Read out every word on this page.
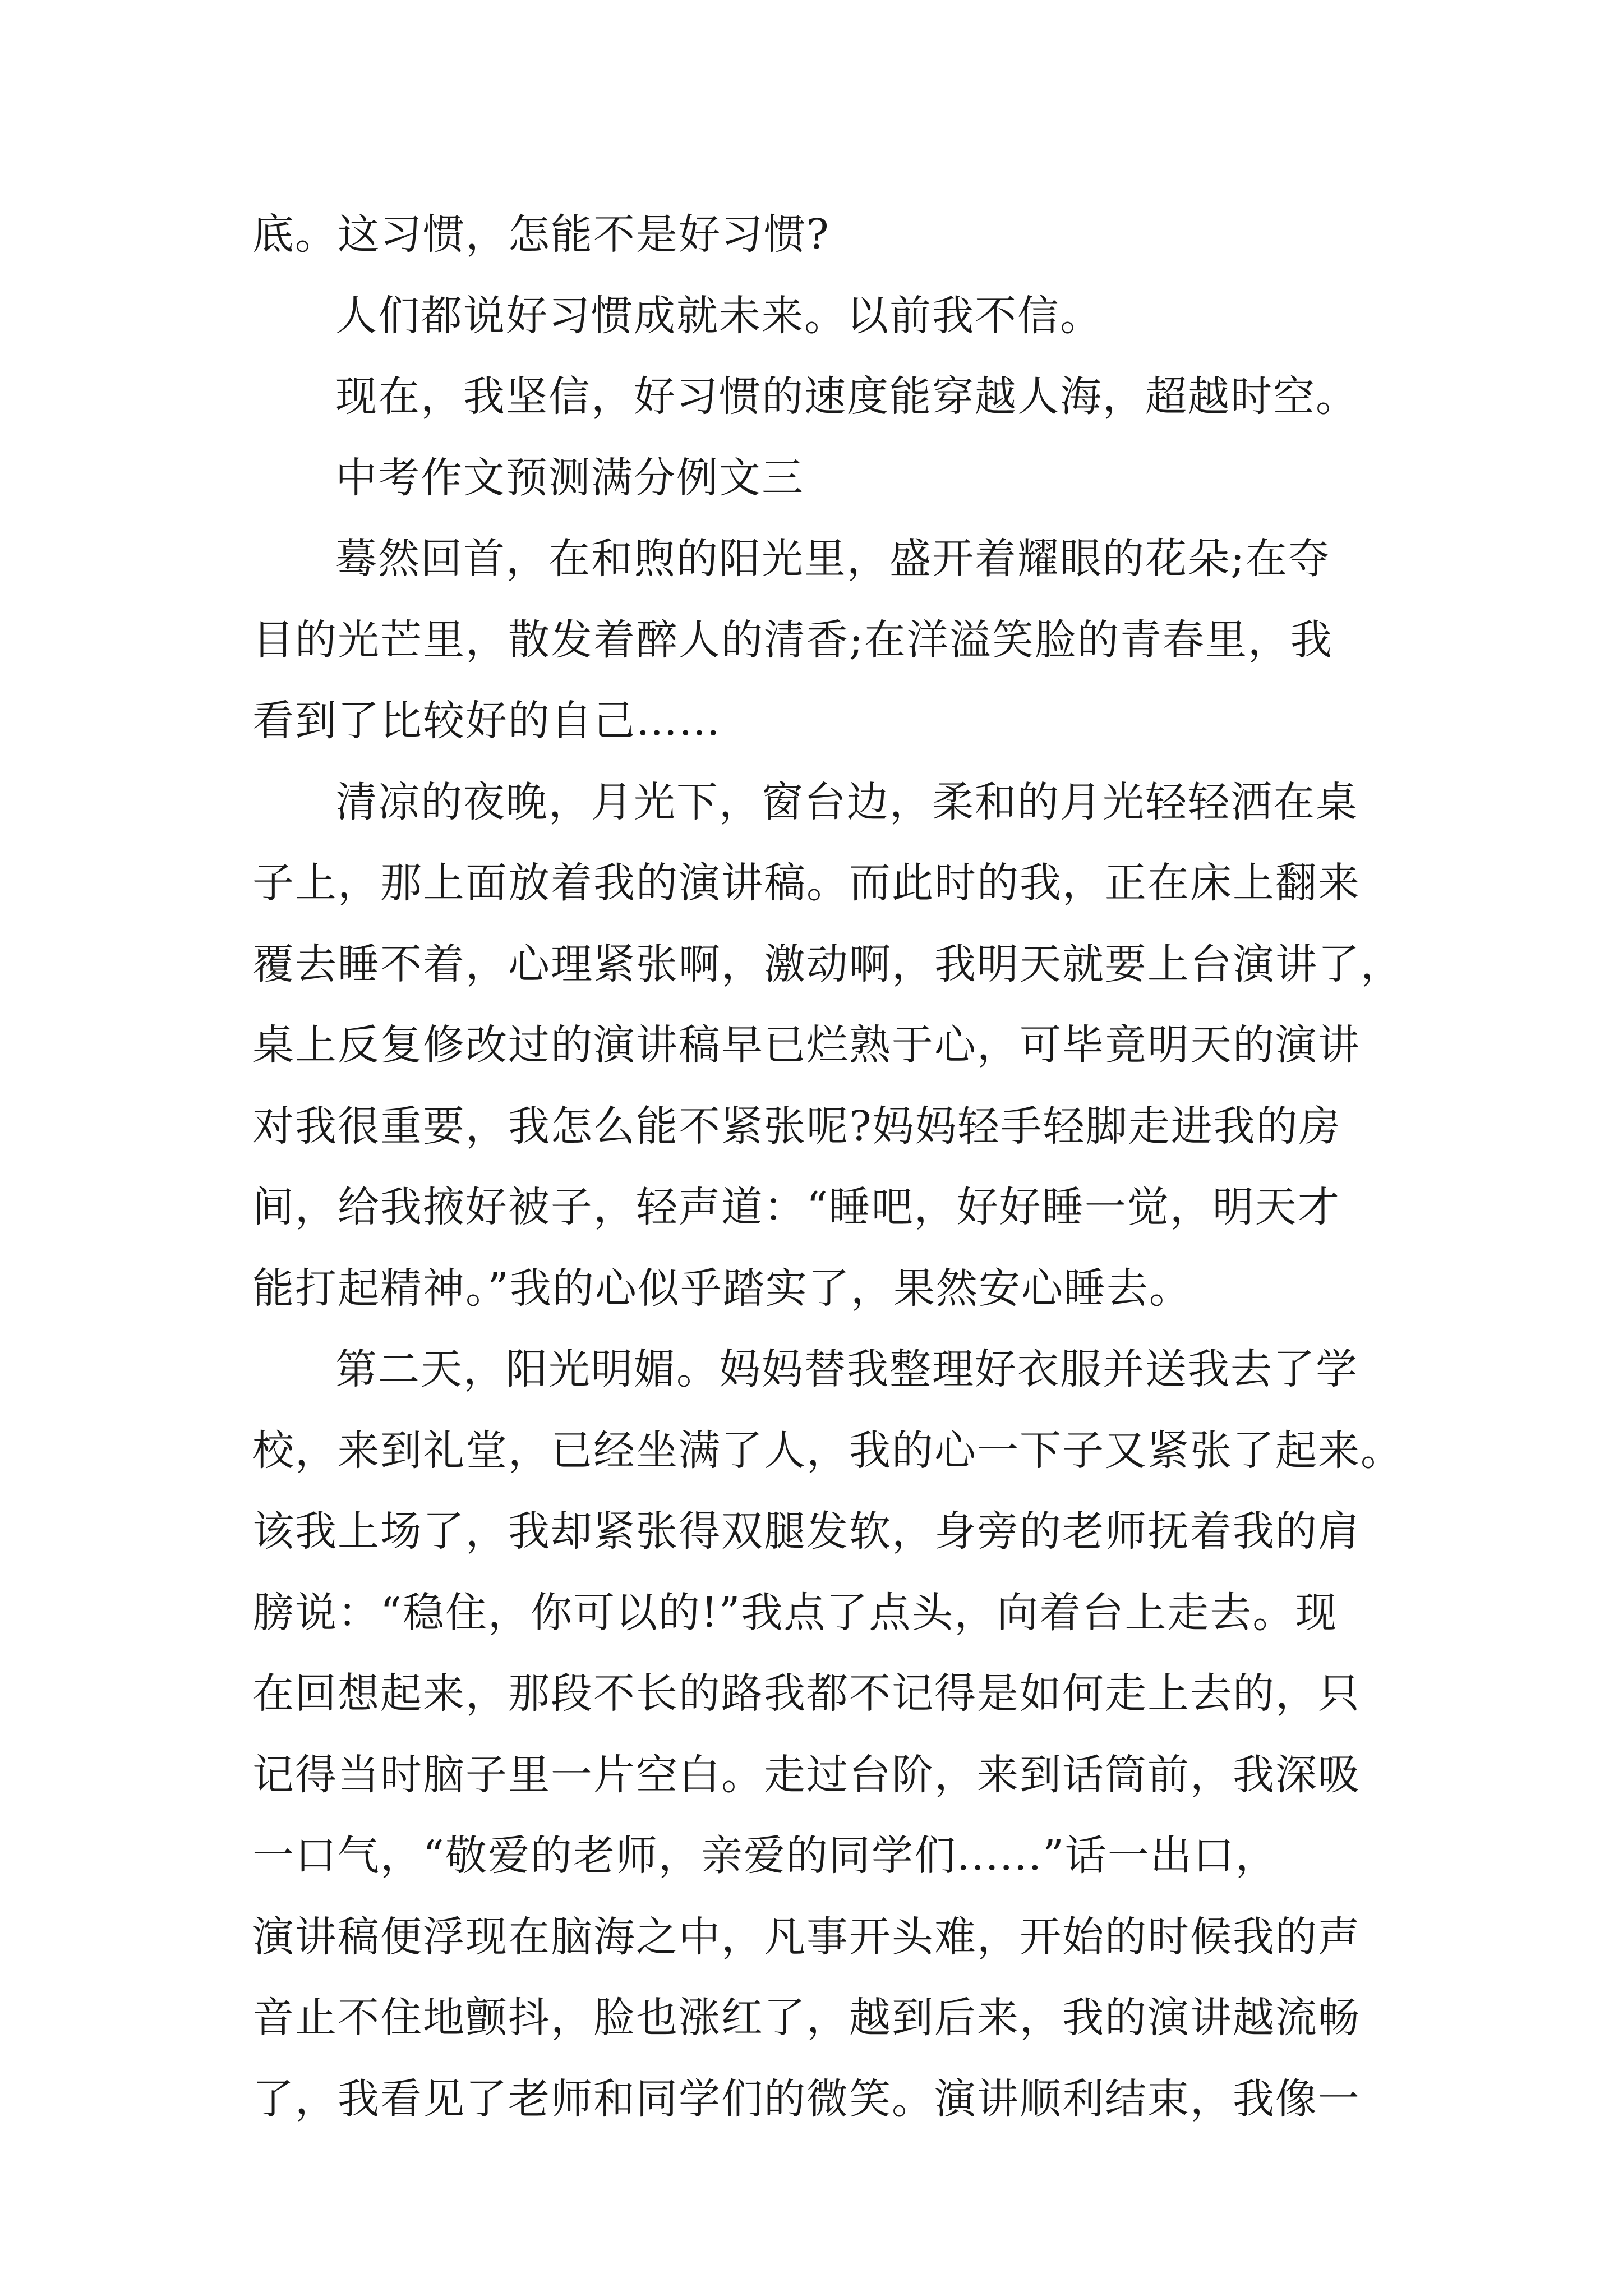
底。这习惯，怎能不是好习惯?
人们都说好习惯成就未来。以前我不信。
现在，我坚信，好习惯的速度能穿越人海，超越时空。
中考作文预测满分例文三
蓦然回首，在和煦的阳光里，盛开着耀眼的花朵;在夺
目的光芒里，散发着醉人的清香;在洋溢笑脸的青春里，我
看到了比较好的自己……
清凉的夜晚，月光下，窗台边，柔和的月光轻轻洒在桌
子上，那上面放着我的演讲稿。而此时的我，正在床上翻来
覆去睡不着，心理紧张啊，激动啊，我明天就要上台演讲了，
桌上反复修改过的演讲稿早已烂熟于心，可毕竟明天的演讲
对我很重要，我怎么能不紧张呢?妈妈轻手轻脚走进我的房
间，给我掖好被子，轻声道：“睡吧，好好睡一觉，明天才
能打起精神。”我的心似乎踏实了，果然安心睡去。
第二天，阳光明媚。妈妈替我整理好衣服并送我去了学
校，来到礼堂，已经坐满了人，我的心一下子又紧张了起来。
该我上场了，我却紧张得双腿发软，身旁的老师抚着我的肩
膀说：“稳住，你可以的!”我点了点头，向着台上走去。现
在回想起来，那段不长的路我都不记得是如何走上去的，只
记得当时脑子里一片空白。走过台阶，来到话筒前，我深吸
一口气，“敬爱的老师，亲爱的同学们......”话一出口，
演讲稿便浮现在脑海之中，凡事开头难，开始的时候我的声
音止不住地颤抖，脸也涨红了，越到后来，我的演讲越流畅
了，我看见了老师和同学们的微笑。演讲顺利结束，我像一
